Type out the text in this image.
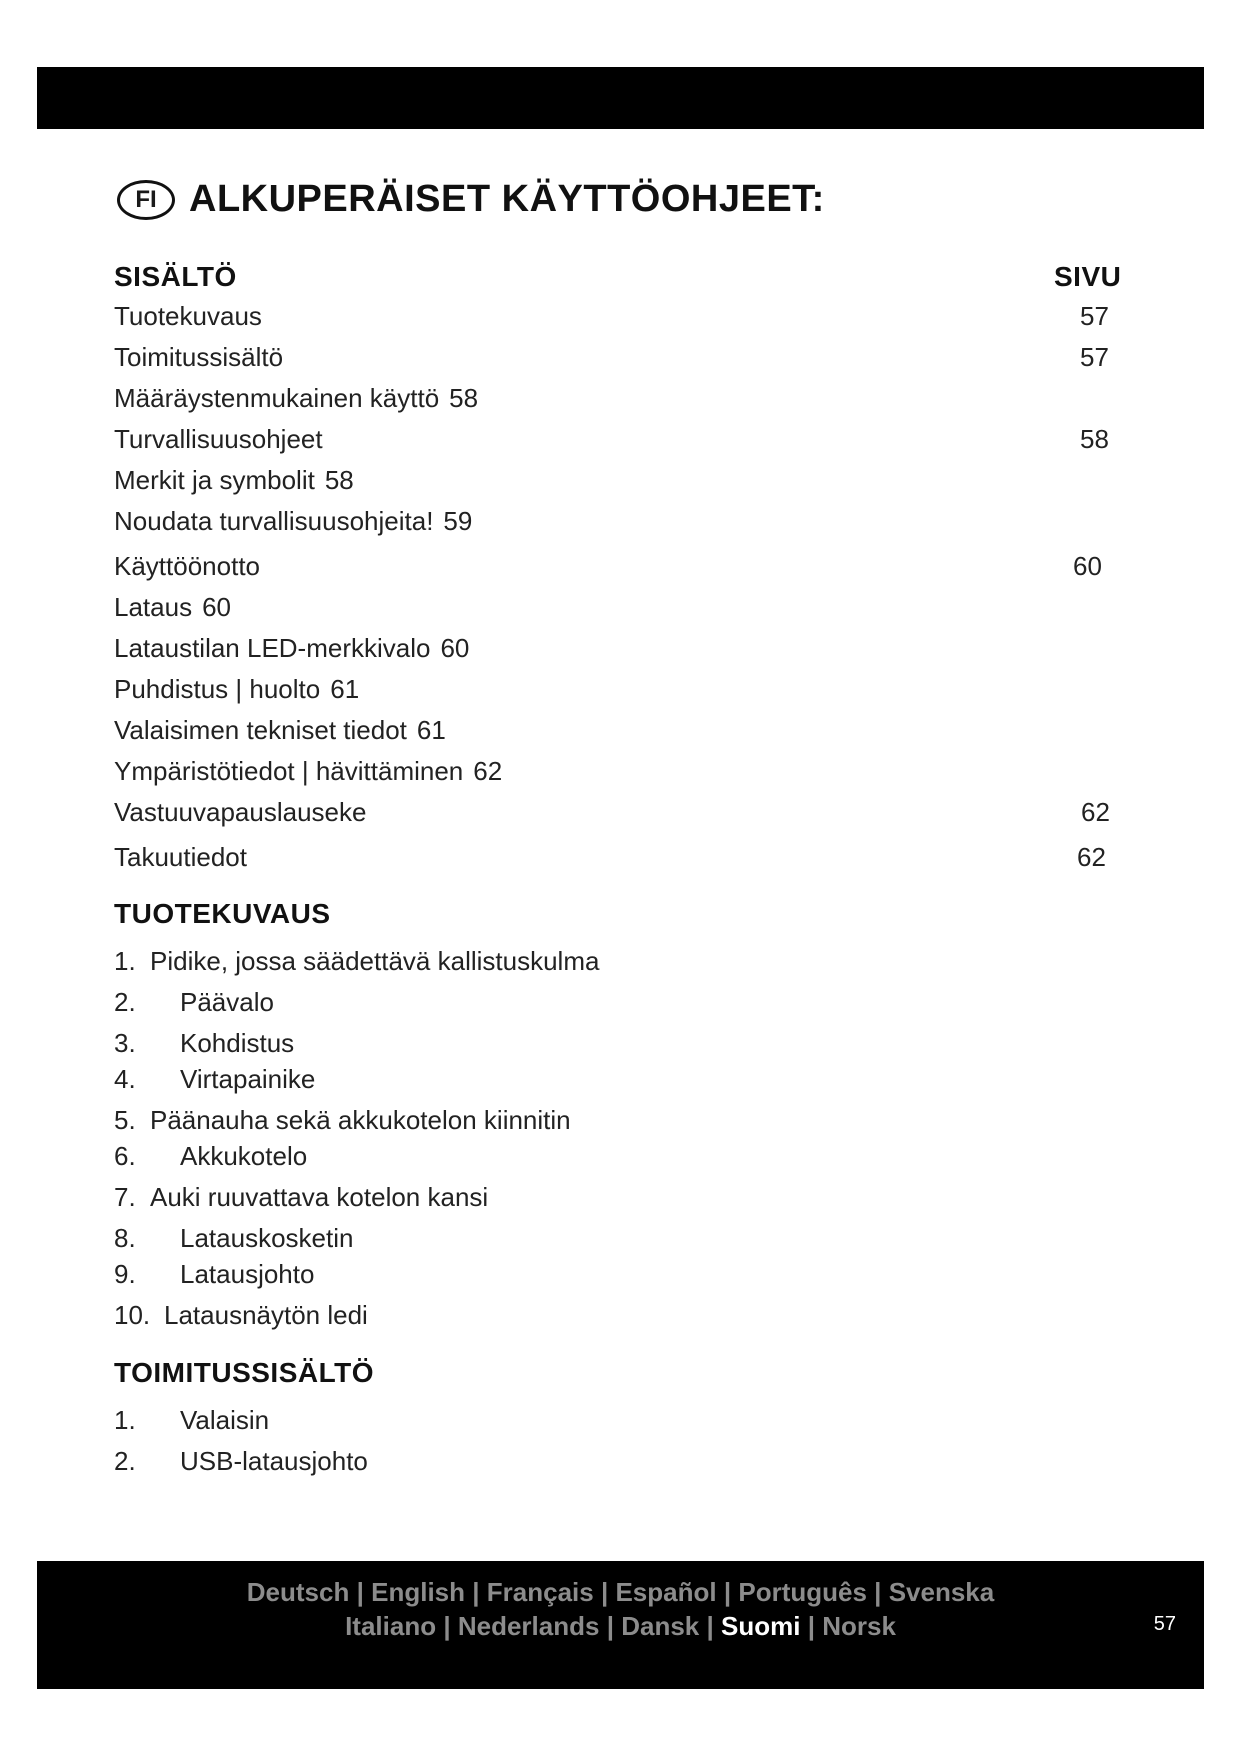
FI ALKUPERÄISET KÄYTTÖOHJEET:
SISÄLTÖ	SIVU
Tuotekuvaus	57
Toimitussisältö	57
Määräystenmukainen käyttö 58
Turvallisuusohjeet	58
Merkit ja symbolit 58
Noudata turvallisuusohjeita! 59
Käyttöönotto	60
Lataus 60
Lataustilan LED-merkkivalo 60
Puhdistus | huolto 61
Valaisimen tekniset tiedot 61
Ympäristötiedot | hävittäminen 62
Vastuuvapauslauseke	62
Takuutiedot	62
TUOTEKUVAUS
1. Pidike, jossa säädettävä kallistuskulma
2. Päävalo
3. Kohdistus
4. Virtapainike
5. Päänauha sekä akkukotelon kiinnitin
6. Akkukotelo
7. Auki ruuvattava kotelon kansi
8. Latauskosketin
9. Latausjohto
10. Latausnäytön ledi
TOIMITUSSISÄLTÖ
1. Valaisin
2. USB-latausjohto
Deutsch | English | Français | Español | Português | Svenska
Italiano | Nederlands | Dansk | Suomi | Norsk	57
